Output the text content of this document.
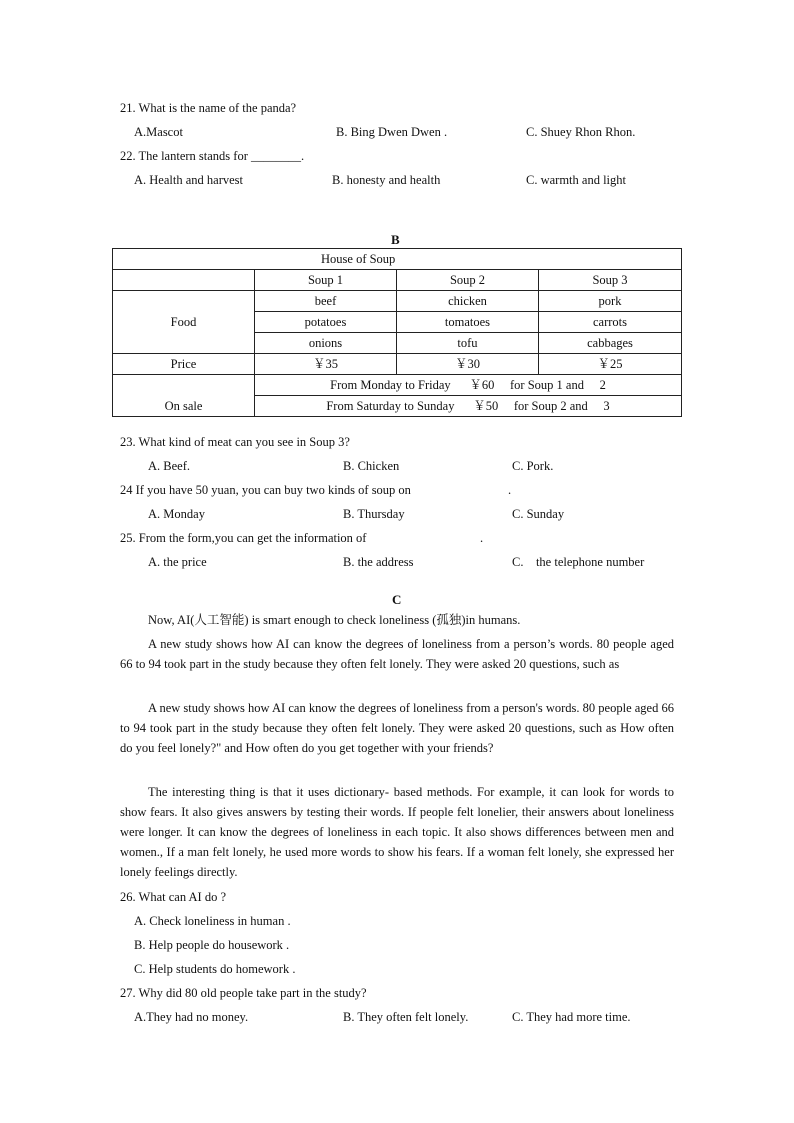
21. What is the name of the panda?
A.Mascot	B. Bing Dwen Dwen .	C. Shuey Rhon Rhon.
22. The lantern stands for ________.
A. Health and harvest	B. honesty and health	C. warmth and light
B
House of Soup			
	Soup 1	Soup 2	Soup 3
Food	beef	chicken	pork
	potatoes	tomatoes	carrots
	onions	tofu	cabbages
Price	￥35	￥30	￥25
On sale	From Monday to Friday      ￥60     for Soup 1 and     2		
	From Saturday to Sunday      ￥50     for Soup 2 and     3		
23. What kind of meat can you see in Soup 3?
A. Beef.	B. Chicken	C. Pork.
24 If you have 50 yuan, you can buy two kinds of soup on	.
A. Monday	B. Thursday	C. Sunday
25. From the form,you can get the information of	.
A. the price	B. the address	C.    the telephone number
C
Now, AI(人工智能) is smart enough to check loneliness (孤独)in humans.
A new study shows how AI can know the degrees of loneliness from a person’s words. 80 people aged 66 to 94 took part in the study because they often felt lonely. They were asked 20 questions, such as
A new study shows how AI can know the degrees of loneliness from a person's words. 80 people aged 66 to 94 took part in the study because they often felt lonely. They were asked 20 questions, such as How often do you feel lonely?" and How often do you get together with your friends?
The interesting thing is that it uses dictionary- based methods. For example, it can look for words to show fears. It also gives answers by testing their words. If people felt lonelier, their answers about loneliness were longer. It can know the degrees of loneliness in each topic. It also shows differences between men and women., If a man felt lonely, he used more words to show his fears. If a woman felt lonely, she expressed her lonely feelings directly.
26. What can AI do ?
A. Check loneliness in human .
B. Help people do housework .
C. Help students do homework .
27. Why did 80 old people take part in the study?
A.They had no money.	B. They often felt lonely.	C. They had more time.
